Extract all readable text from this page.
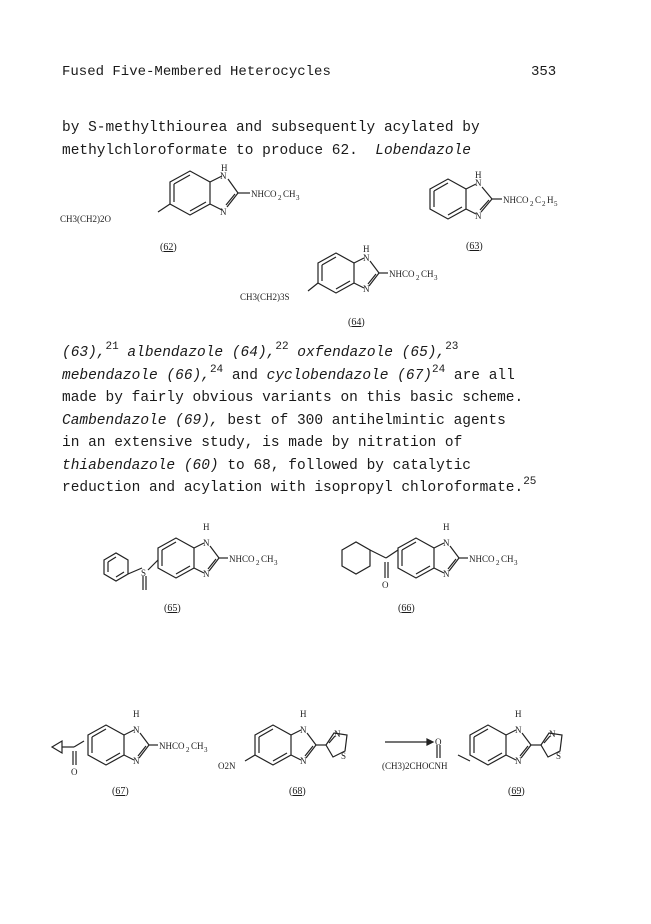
Fused Five-Membered Heterocycles	353
by S-methylthiourea and subsequently acylated by
methylchloroformate to produce 62. Lobendazole
N
H
N
NHCO 2 CH 3
CH3(CH2)2O
(62)
N
H
N
NHCO 2 C 2 H 5
(63)
N
H
N
NHCO 2 CH 3
CH3(CH2)3S
(64)
(63),$^{21}$ albendazole (64),$^{22}$ oxfendazole (65),$^{23}$
mebendazole (66),$^{24}$ and cyclobendazole $(67)^{24}$ are all
made by fairly obvious variants on this basic scheme.
Cambendazole (69), best of 300 antihelmintic agents
in an extensive study, is made by nitration of
thiabendazole (60) to 68, followed by catalytic
reduction and acylation with isopropyl chloroformate.$^{25}$
S
N
H
N
NHCO 2 CH 3
(65)
O
N
H
N
NHCO 2 CH 3
(66)
O
N
H
N
NHCO 2 CH 3
(67)
N
H
N
N
S
O2N
(68)
→ O
N
H
N
N
S
(CH3)2CHOCNH
(69)
